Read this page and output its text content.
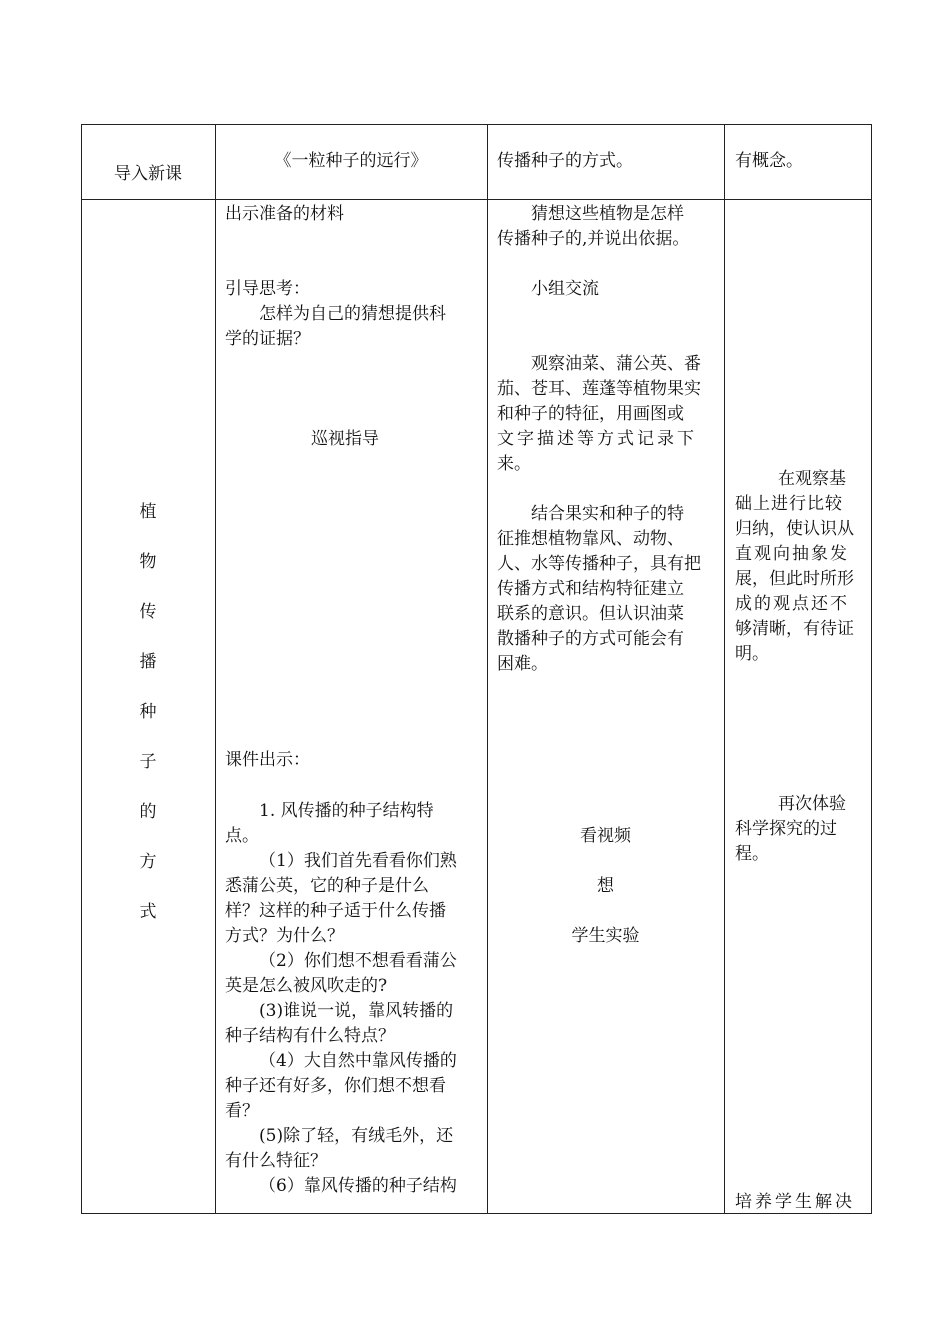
导入新课
《一粒种子的远行》	传播种子的方式。	有概念。
植
物
传
播
种
子
的
方
式
出示准备的材料
引导思考：
怎样为自己的猜想提供科
学的证据？
巡视指导
课件出示：
1. 风传播的种子结构特
点。
（1）我们首先看看你们熟
悉蒲公英，它的种子是什么
样？这样的种子适于什么传播
方式？为什么？
（2）你们想不想看看蒲公
英是怎么被风吹走的?
(3)谁说一说，靠风转播的
种子结构有什么特点？
（4）大自然中靠风传播的
种子还有好多，你们想不想看
看？
(5)除了轻，有绒毛外，还
有什么特征？
（6）靠风传播的种子结构
猜想这些植物是怎样
传播种子的,并说出依据。
小组交流
观察油菜、蒲公英、番
茄、苍耳、莲蓬等植物果实
和种子的特征，用画图或
文字描述等方式记录下
来。
结合果实和种子的特
征推想植物靠风、动物、
人、水等传播种子，具有把
传播方式和结构特征建立
联系的意识。但认识油菜
散播种子的方式可能会有
困难。
看视频
想
学生实验
在观察基
础上进行比较
归纳，使认识从
直观向抽象发
展，但此时所形
成的观点还不
够清晰，有待证
明。
再次体验
科学探究的过
程。
培养学生解决
